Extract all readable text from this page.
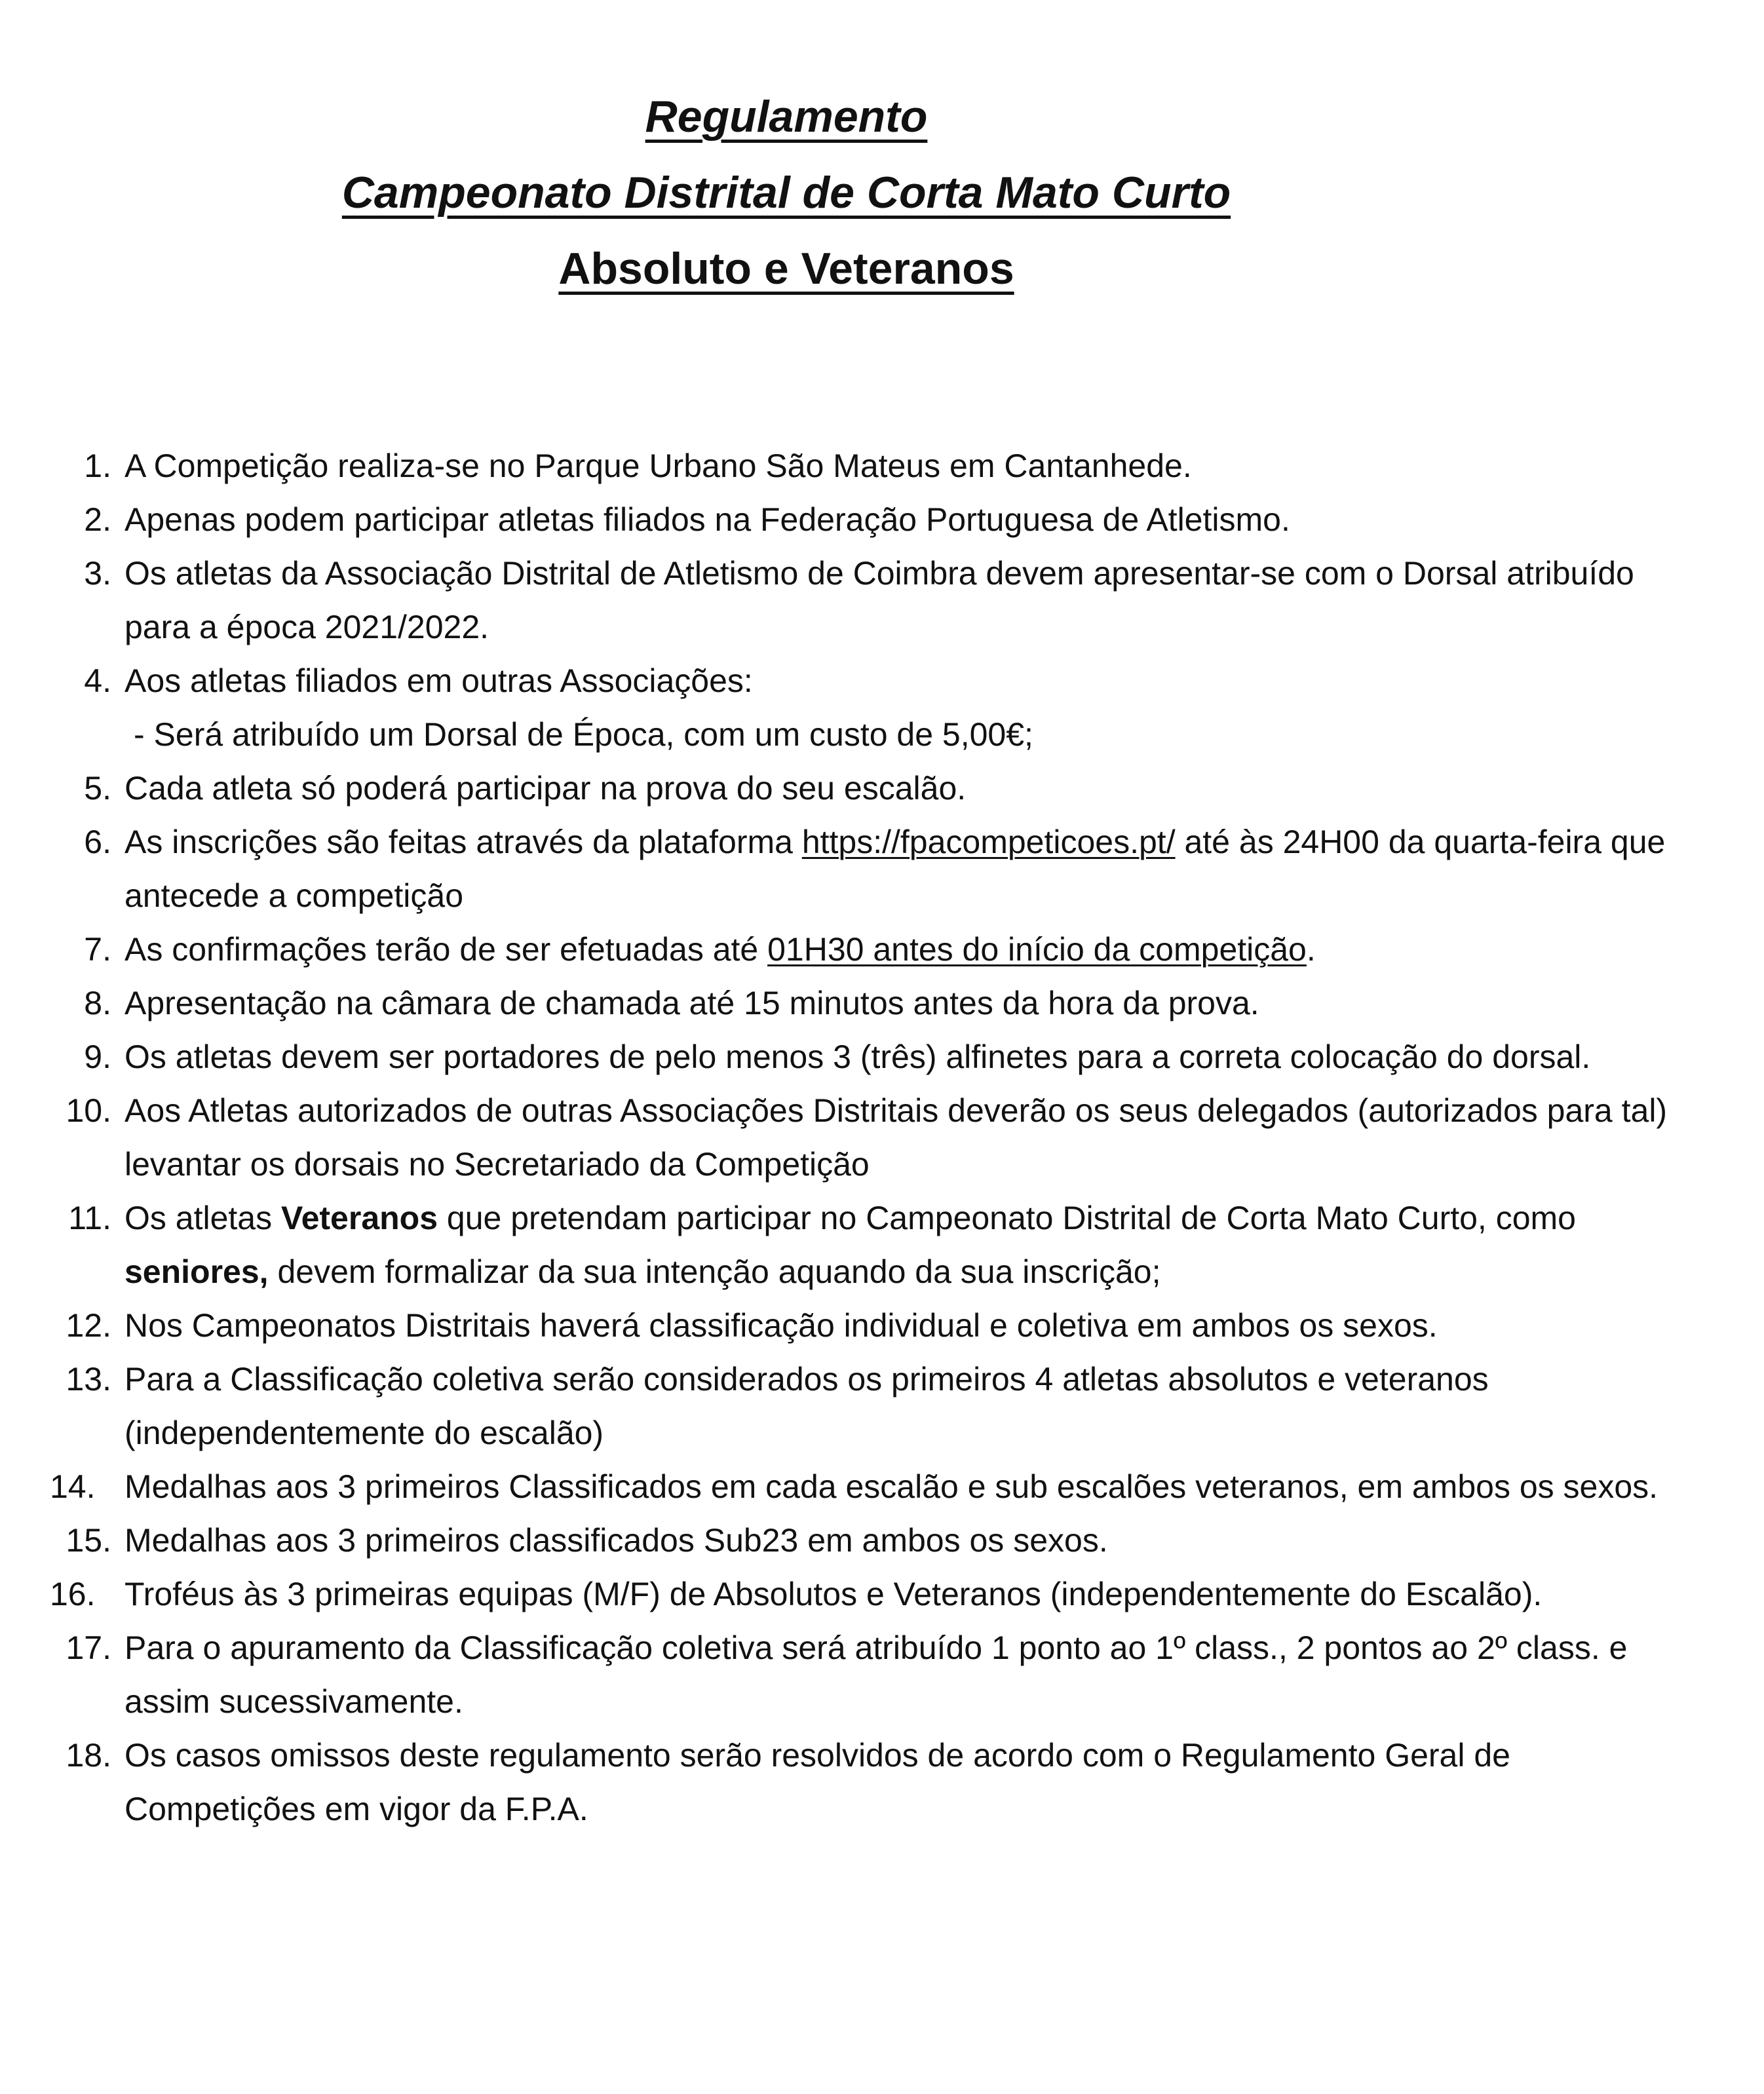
Regulamento
Campeonato Distrital de Corta Mato Curto
Absoluto e Veteranos
1. A Competição realiza-se no Parque Urbano São Mateus em Cantanhede.
2. Apenas podem participar atletas filiados na Federação Portuguesa de Atletismo.
3. Os atletas da Associação Distrital de Atletismo de Coimbra devem apresentar-se com o Dorsal atribuído para a época 2021/2022.
4. Aos atletas filiados em outras Associações:
- Será atribuído um Dorsal de Época, com um custo de 5,00€;
5. Cada atleta só poderá participar na prova do seu escalão.
6. As inscrições são feitas através da plataforma https://fpacompeticoes.pt/ até às 24H00 da quarta-feira que antecede a competição
7. As confirmações terão de ser efetuadas até 01H30 antes do início da competição.
8. Apresentação na câmara de chamada até 15 minutos antes da hora da prova.
9. Os atletas devem ser portadores de pelo menos 3 (três) alfinetes para a correta colocação do dorsal.
10. Aos Atletas autorizados de outras Associações Distritais deverão os seus delegados (autorizados para tal) levantar os dorsais no Secretariado da Competição
11. Os atletas Veteranos que pretendam participar no Campeonato Distrital de Corta Mato Curto, como seniores, devem formalizar da sua intenção aquando da sua inscrição;
12. Nos Campeonatos Distritais haverá classificação individual e coletiva em ambos os sexos.
13. Para a Classificação coletiva serão considerados os primeiros 4 atletas absolutos e veteranos (independentemente do escalão)
14. Medalhas aos 3 primeiros Classificados em cada escalão e sub escalões veteranos, em ambos os sexos.
15. Medalhas aos 3 primeiros classificados Sub23 em ambos os sexos.
16. Troféus às 3 primeiras equipas (M/F) de Absolutos e Veteranos (independentemente do Escalão).
17. Para o apuramento da Classificação coletiva será atribuído 1 ponto ao 1º class., 2 pontos ao 2º class. e assim sucessivamente.
18. Os casos omissos deste regulamento serão resolvidos de acordo com o Regulamento Geral de Competições em vigor da F.P.A.
